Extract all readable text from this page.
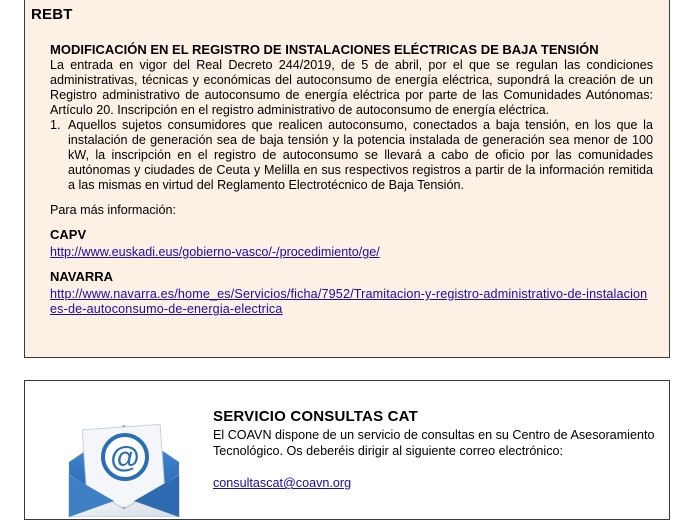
REBT

MODIFICACIÓN EN EL REGISTRO DE INSTALACIONES ELÉCTRICAS DE BAJA TENSIÓN

La entrada en vigor del Real Decreto 244/2019, de 5 de abril, por el que se regulan las condiciones administrativas, técnicas y económicas del autoconsumo de energía eléctrica, supondrá la creación de un Registro administrativo de autoconsumo de energía eléctrica por parte de las Comunidades Autónomas: Artículo 20. Inscripción en el registro administrativo de autoconsumo de energía eléctrica.

1. Aquellos sujetos consumidores que realicen autoconsumo, conectados a baja tensión, en los que la instalación de generación sea de baja tensión y la potencia instalada de generación sea menor de 100 kW, la inscripción en el registro de autoconsumo se llevará a cabo de oficio por las comunidades autónomas y ciudades de Ceuta y Melilla en sus respectivos registros a partir de la información remitida a las mismas en virtud del Reglamento Electrotécnico de Baja Tensión.

Para más información:

CAPV

http://www.euskadi.eus/gobierno-vasco/-/procedimiento/ge/

NAVARRA

http://www.navarra.es/home_es/Servicios/ficha/7952/Tramitacion-y-registro-administrativo-de-instalaciones-de-autoconsumo-de-energia-electrica
@

SERVICIO CONSULTAS CAT

El COAVN dispone de un servicio de consultas en su Centro de Asesoramiento Tecnológico. Os deberéis dirigir al siguiente correo electrónico:

consultascat@coavn.org
